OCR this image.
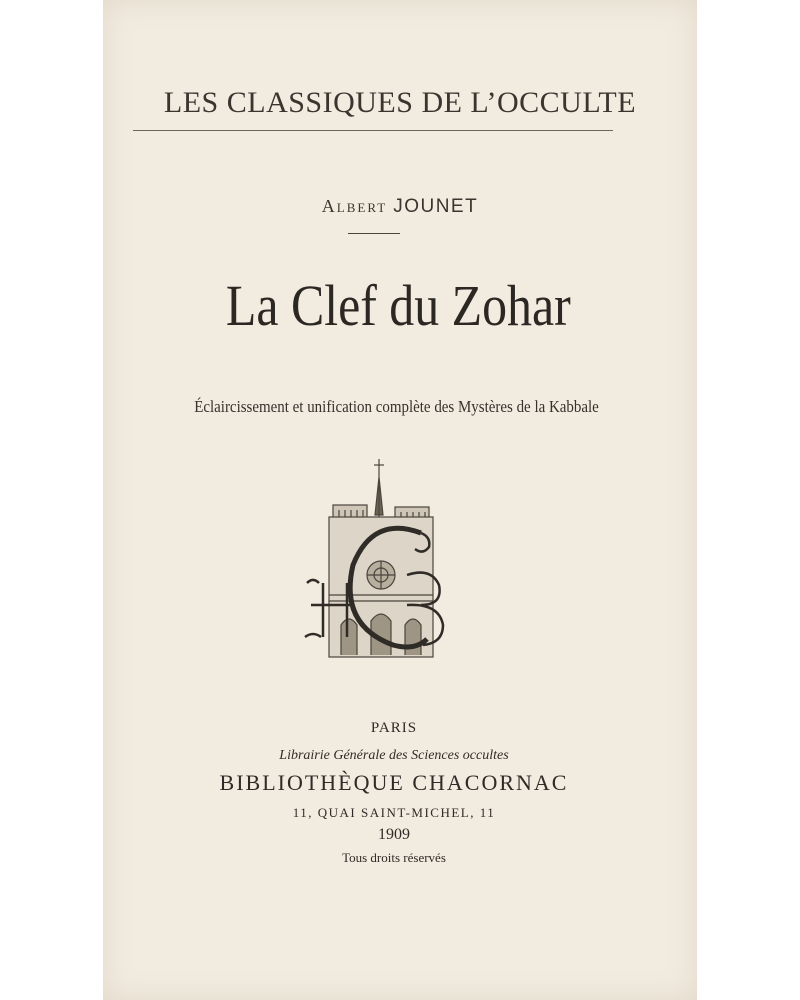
LES CLASSIQUES DE L’OCCULTE
Albert JOUNET
La Clef du Zohar
Éclaircissement et unification complète des Mystères de la Kabbale
PARIS
Librairie Générale des Sciences occultes
BIBLIOTHÈQUE CHACORNAC
11, QUAI SAINT-MICHEL, 11
1909
Tous droits réservés
